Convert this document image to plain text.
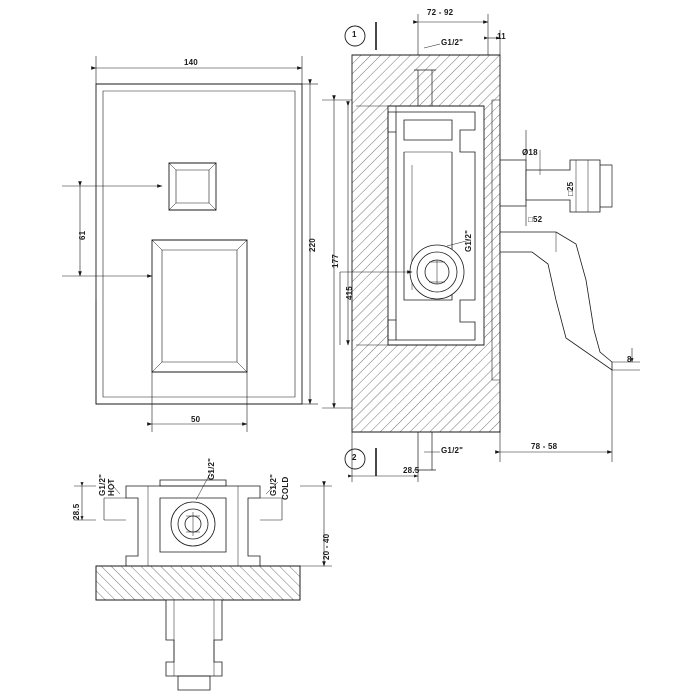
140
220
61
50
72 - 92
11
G1/2"
G1/2"
177
415
G1/2"
Ø18
□25
□52
78 - 58
8
28.5
1
2
28.5
20 - 40
G1/2" HOT	G1/2" COLD
G1/2"
